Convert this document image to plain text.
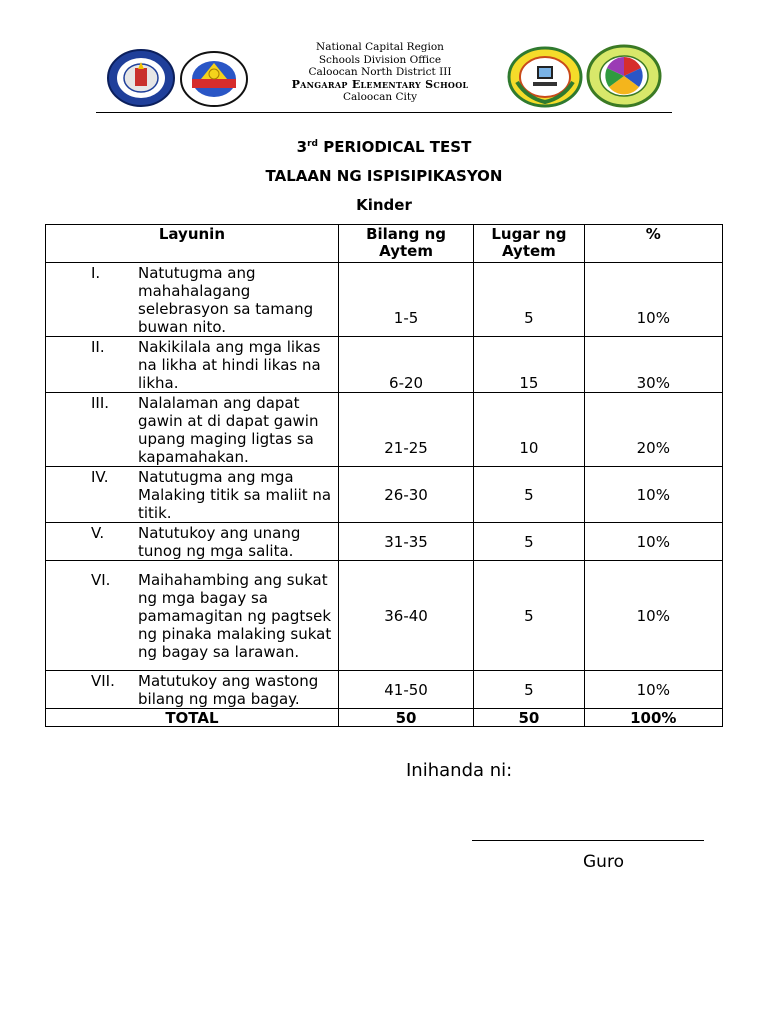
National Capital Region
Schools Division Office
Caloocan North District III
Pangarap Elementary School
Caloocan City
3rd PERIODICAL TEST
TALAAN NG ISPISIPIKASYON
Kinder
Layunin	Bilang ng Aytem	Lugar ng Aytem	%

I. Natutugma ang mahahalagang selebrasyon sa tamang buwan nito.	1-5	5	10%

II. Nakikilala ang mga likas na likha at hindi likas na likha.	6-20	15	30%

III. Nalalaman ang dapat gawin at di dapat gawin upang maging ligtas sa kapamahakan.	21-25	10	20%

IV. Natutugma ang mga Malaking titik sa maliit na titik.	26-30	5	10%

V. Natutukoy ang unang tunog ng mga salita.	31-35	5	10%

VI. Maihahambing ang sukat ng mga bagay sa pamamagitan ng pagtsek ng pinaka malaking sukat ng bagay sa larawan.	36-40	5	10%

VII. Matutukoy ang wastong bilang ng mga bagay.	41-50	5	10%
TOTAL	50	50	100%
Inihanda ni:
Guro
